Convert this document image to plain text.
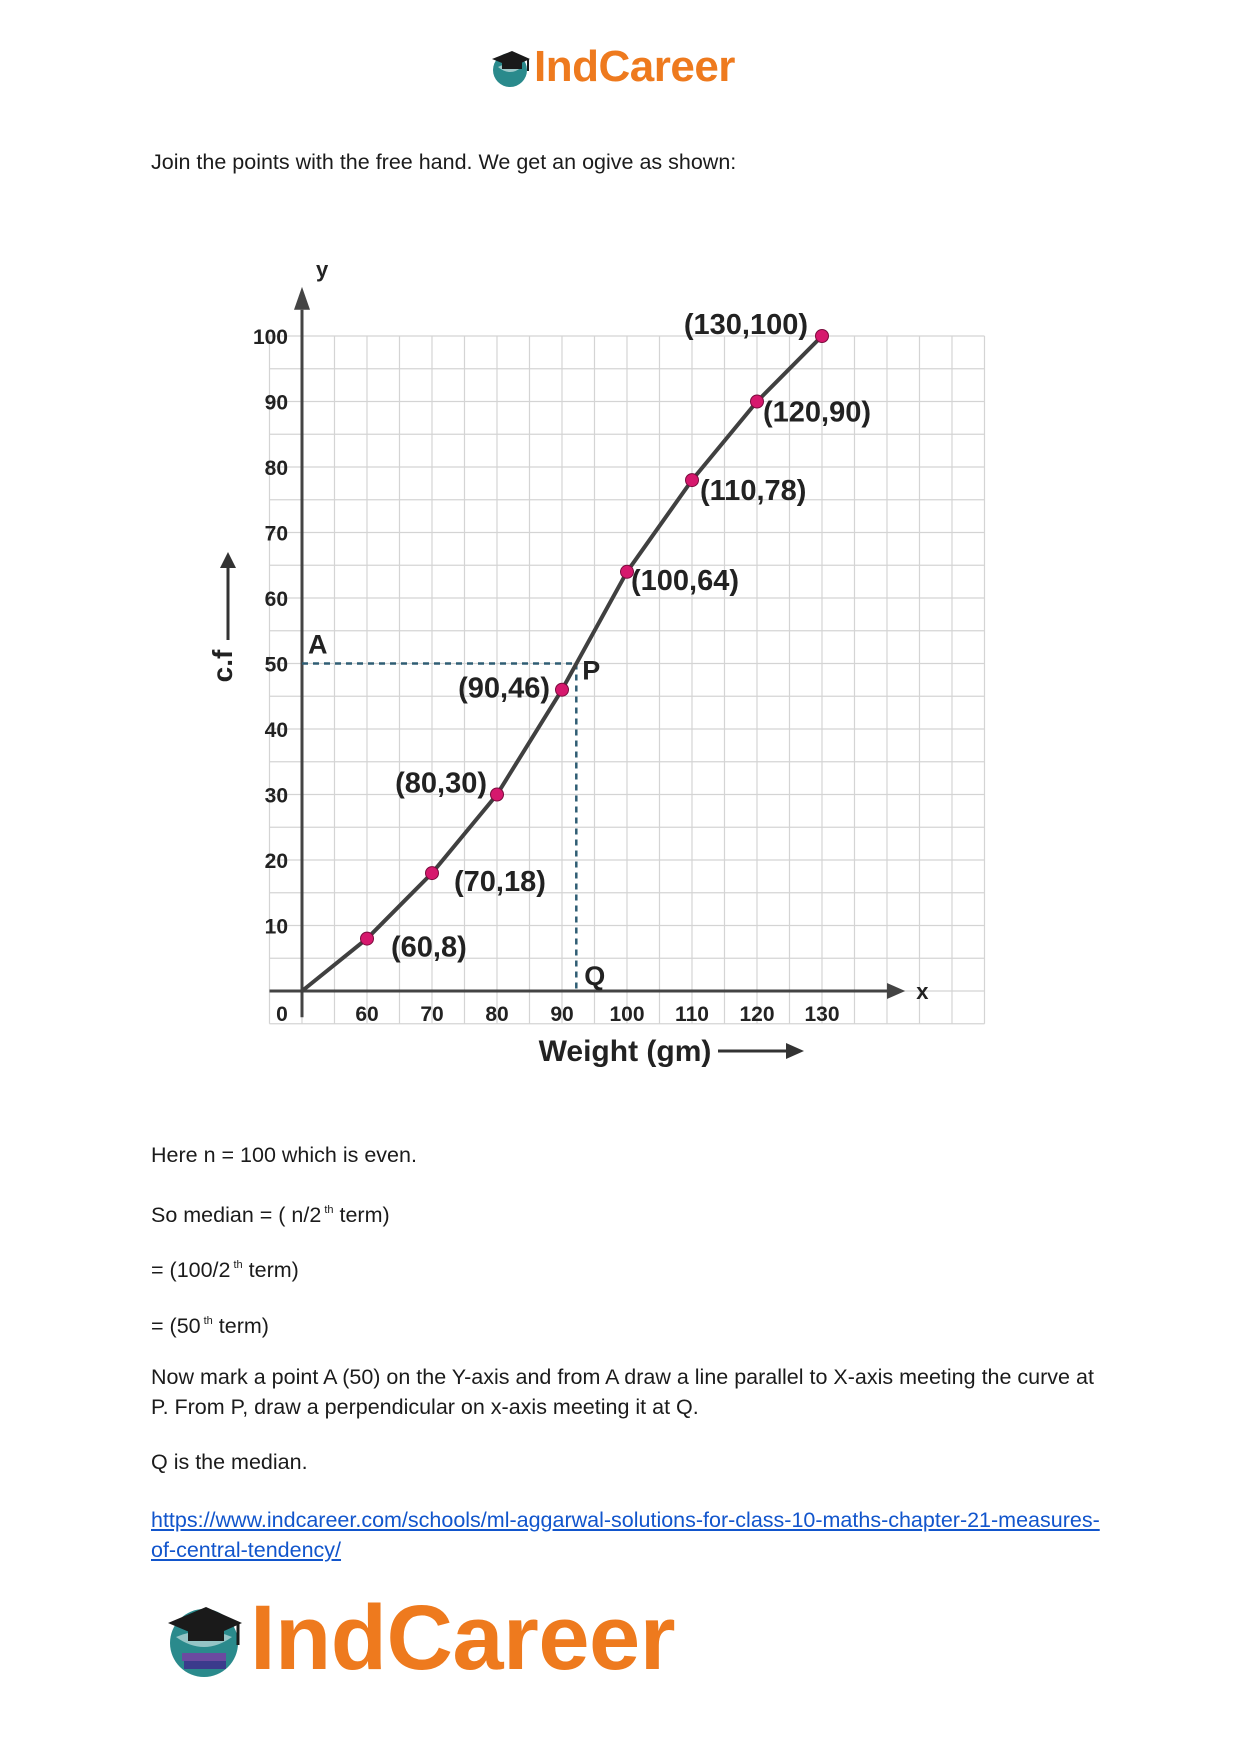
IndCareer

Join the points with the free hand. We get an ogive as shown:

0	60 70 80 90 100 110 120 130
10
20
30
40
50
60
70
80
90
100
y
x
c.f
Weight (gm)
(60,8)
(70,18)
(80,30)
(90,46)
(100,64)
(110,78)
(120,90)
(130,100)
A
P
Q

Here n = 100 which is even.

So median = ( n/2 $^{th}$ term)

= (100/2 $^{th}$ term)

= (50 $^{th}$ term)

Now mark a point A (50) on the Y-axis and from A draw a line parallel to X-axis meeting the curve at P. From P, draw a perpendicular on x-axis meeting it at Q.

Q is the median.

https://www.indcareer.com/schools/ml-aggarwal-solutions-for-class-10-maths-chapter-21-measures-of-central-tendency/

IndCareer
